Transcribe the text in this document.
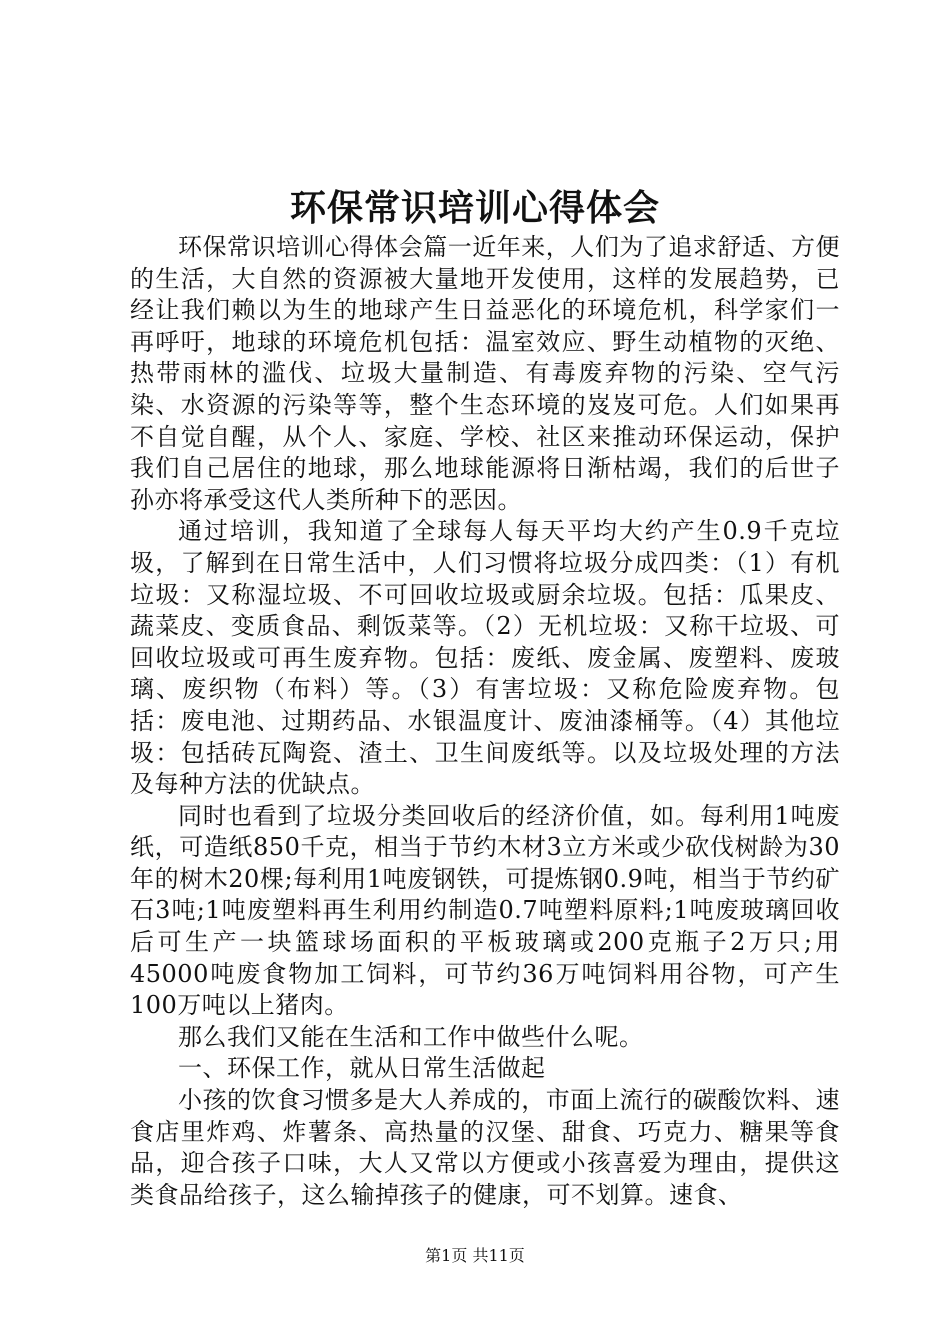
环保常识培训心得体会

环保常识培训心得体会篇一近年来，人们为了追求舒适、方便的生活，大自然的资源被大量地开发使用，这样的发展趋势，已经让我们赖以为生的地球产生日益恶化的环境危机，科学家们一再呼吁，地球的环境危机包括：温室效应、野生动植物的灭绝、热带雨林的滥伐、垃圾大量制造、有毒废弃物的污染、空气污染、水资源的污染等等，整个生态环境的岌岌可危。人们如果再不自觉自醒，从个人、家庭、学校、社区来推动环保运动，保护我们自己居住的地球，那么地球能源将日渐枯竭，我们的后世子孙亦将承受这代人类所种下的恶因。

通过培训，我知道了全球每人每天平均大约产生0.9千克垃圾，了解到在日常生活中，人们习惯将垃圾分成四类：（1）有机垃圾：又称湿垃圾、不可回收垃圾或厨余垃圾。包括：瓜果皮、蔬菜皮、变质食品、剩饭菜等。（2）无机垃圾：又称干垃圾、可回收垃圾或可再生废弃物。包括：废纸、废金属、废塑料、废玻璃、废织物（布料）等。（3）有害垃圾：又称危险废弃物。包括：废电池、过期药品、水银温度计、废油漆桶等。（4）其他垃圾：包括砖瓦陶瓷、渣土、卫生间废纸等。以及垃圾处理的方法及每种方法的优缺点。

同时也看到了垃圾分类回收后的经济价值，如。每利用1吨废纸，可造纸850千克，相当于节约木材3立方米或少砍伐树龄为30年的树木20棵;每利用1吨废钢铁，可提炼钢0.9吨，相当于节约矿石3吨;1吨废塑料再生利用约制造0.7吨塑料原料;1吨废玻璃回收后可生产一块篮球场面积的平板玻璃或200克瓶子2万只;用45000吨废食物加工饲料，可节约36万吨饲料用谷物，可产生100万吨以上猪肉。

那么我们又能在生活和工作中做些什么呢。

一、环保工作，就从日常生活做起

小孩的饮食习惯多是大人养成的，市面上流行的碳酸饮料、速食店里炸鸡、炸薯条、高热量的汉堡、甜食、巧克力、糖果等食品，迎合孩子口味，大人又常以方便或小孩喜爱为理由，提供这类食品给孩子，这么输掉孩子的健康，可不划算。速食、

第1页 共11页
